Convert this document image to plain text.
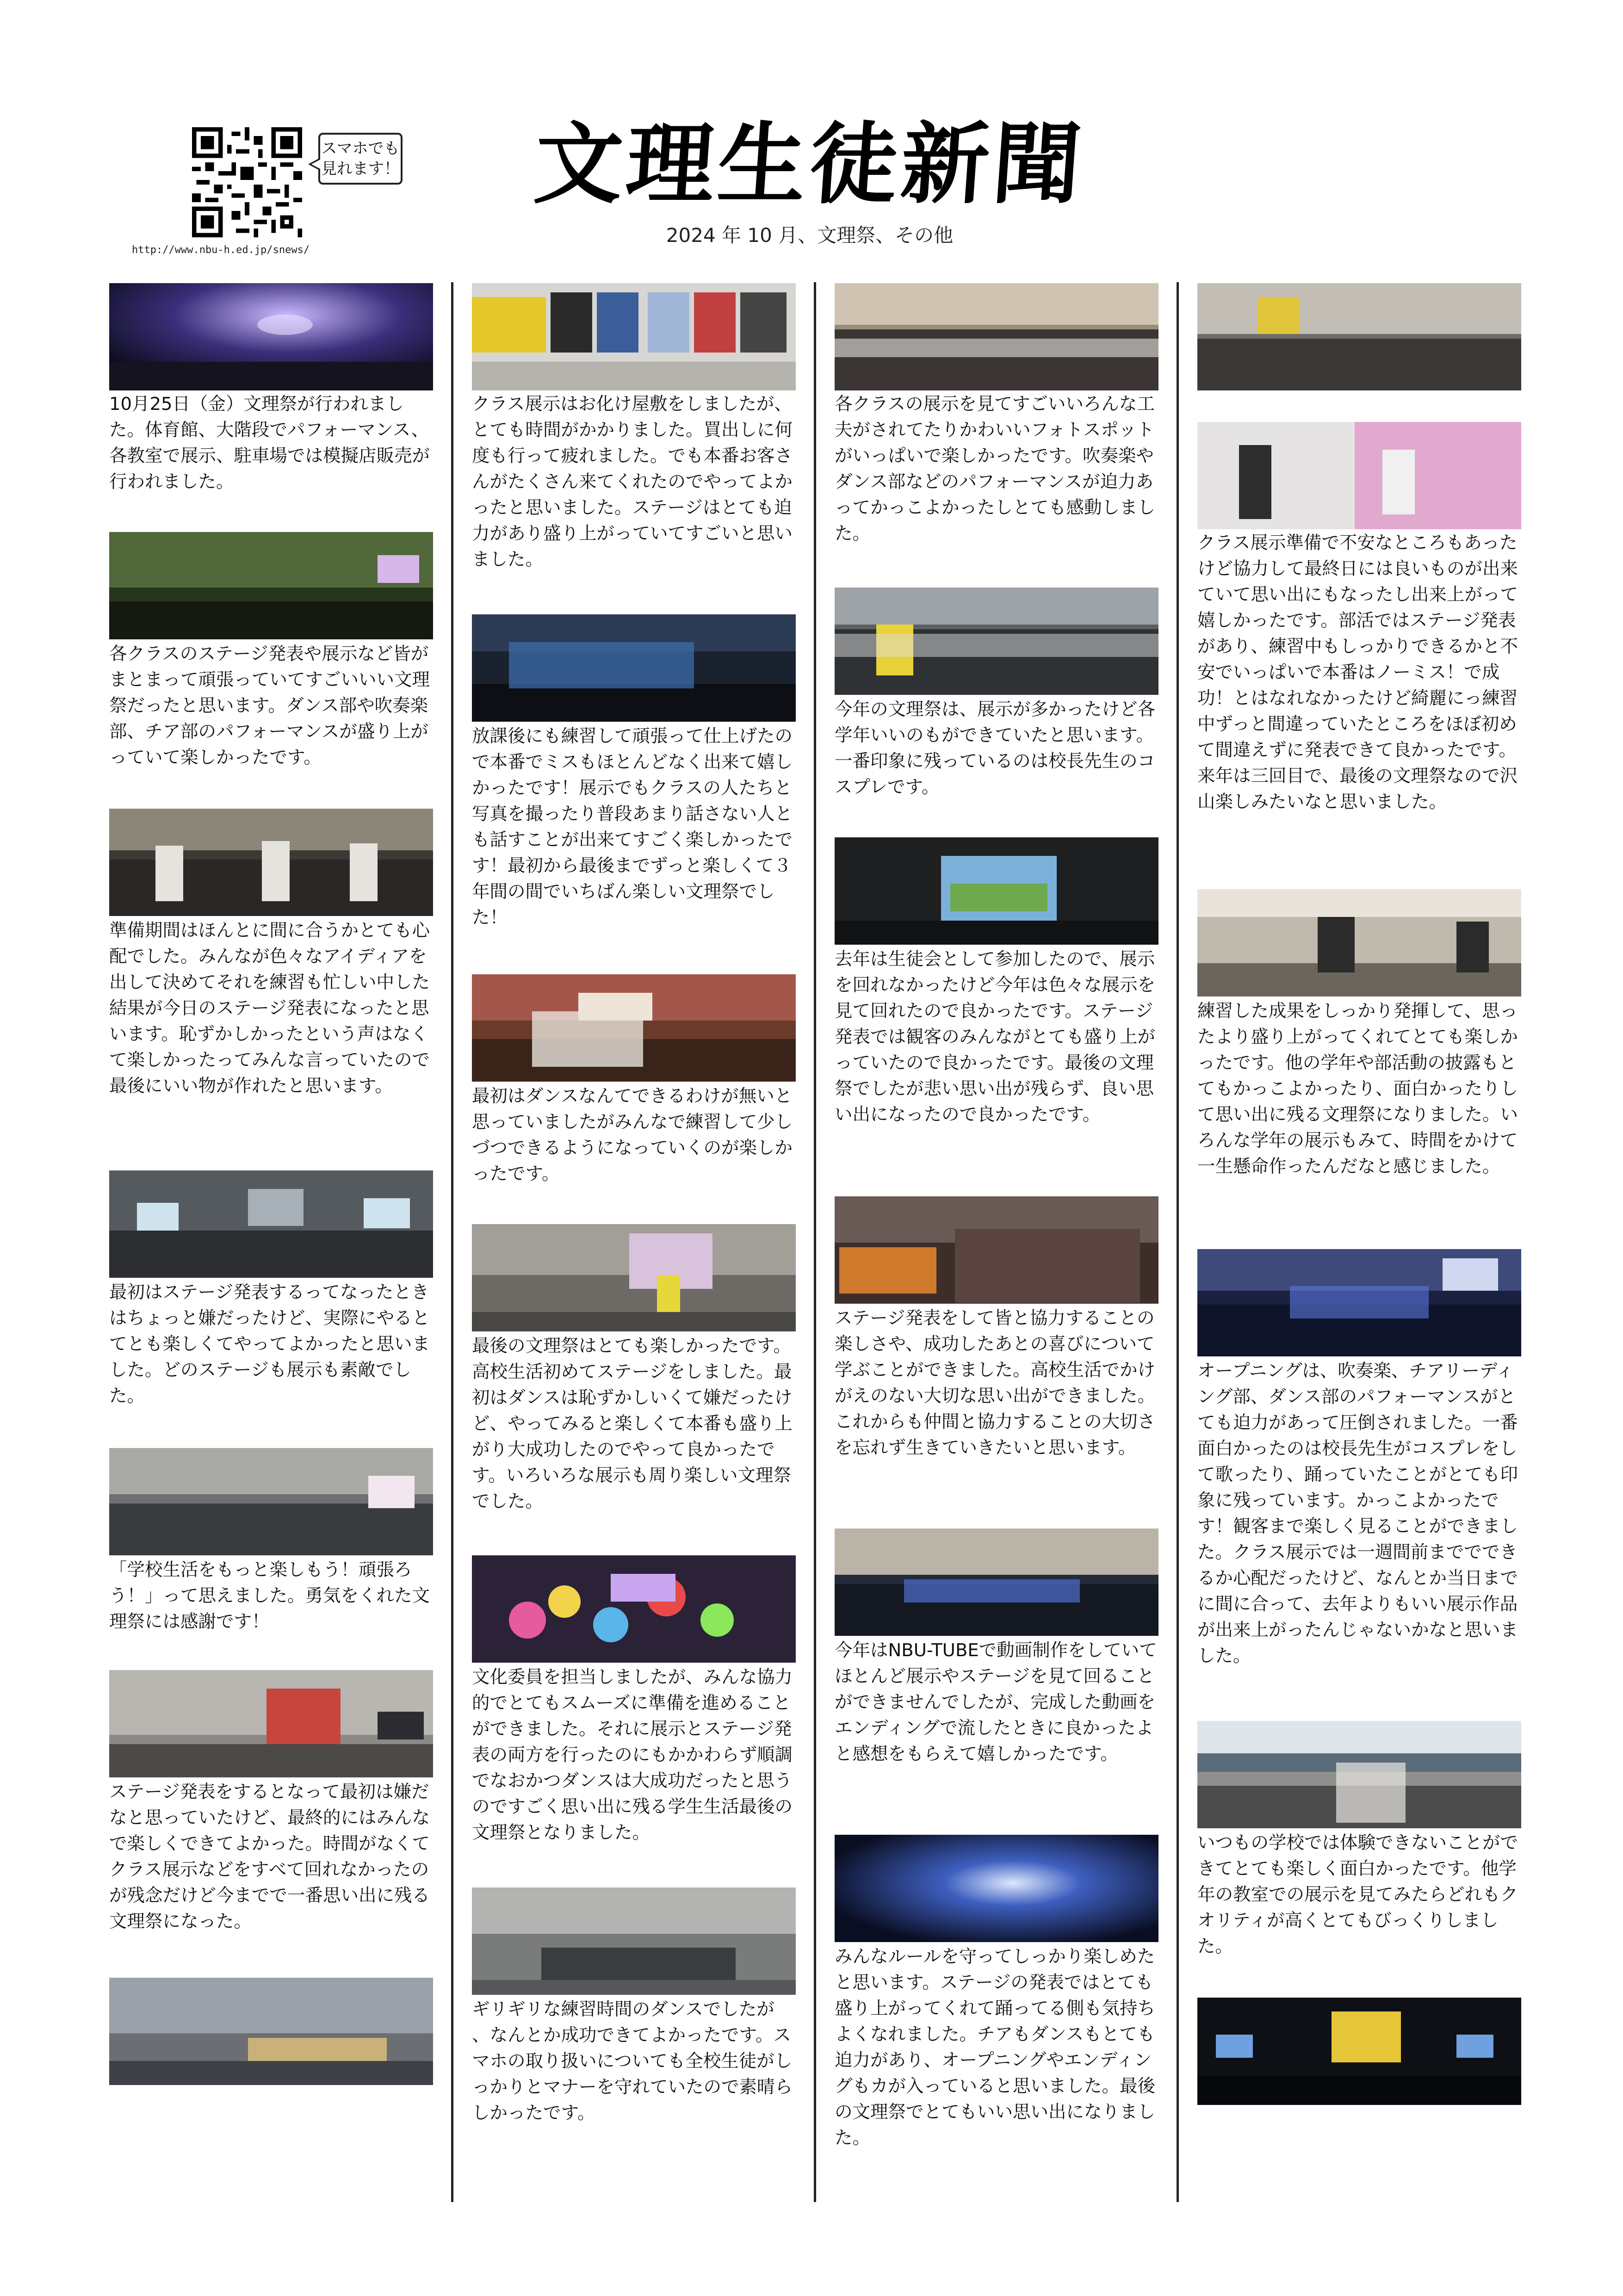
スマホでも
見れます！
http://www.nbu-h.ed.jp/snews/
文理生徒新聞
2024 年 10 月、文理祭、その他
10月25日（金）文理祭が行われました。体育館、大階段でパフォーマンス、各教室で展示、駐車場では模擬店販売が行われました。
各クラスのステージ発表や展示など皆がまとまって頑張っていてすごいいい文理祭だったと思います。ダンス部や吹奏楽部、チア部のパフォーマンスが盛り上がっていて楽しかったです。
準備期間はほんとに間に合うかとても心配でした。みんなが色々なアイディアを出して決めてそれを練習も忙しい中した結果が今日のステージ発表になったと思います。恥ずかしかったという声はなくて楽しかったってみんな言っていたので最後にいい物が作れたと思います。
最初はステージ発表するってなったときはちょっと嫌だったけど、実際にやるとてとも楽しくてやってよかったと思いました。どのステージも展示も素敵でした。
「学校生活をもっと楽しもう！頑張ろう！」って思えました。勇気をくれた文理祭には感謝です！
ステージ発表をするとなって最初は嫌だなと思っていたけど、最終的にはみんなで楽しくできてよかった。時間がなくてクラス展示などをすべて回れなかったのが残念だけど今までで一番思い出に残る文理祭になった。
クラス展示はお化け屋敷をしましたが、とても時間がかかりました。買出しに何度も行って疲れました。でも本番お客さんがたくさん来てくれたのでやってよかったと思いました。ステージはとても迫力があり盛り上がっていてすごいと思いました。
放課後にも練習して頑張って仕上げたので本番でミスもほとんどなく出来て嬉しかったです！展示でもクラスの人たちと写真を撮ったり普段あまり話さない人とも話すことが出来てすごく楽しかったです！最初から最後までずっと楽しくて３年間の間でいちばん楽しい文理祭でした！
最初はダンスなんてできるわけが無いと思っていましたがみんなで練習して少しづつできるようになっていくのが楽しかったです。
最後の文理祭はとても楽しかったです。高校生活初めてステージをしました。最初はダンスは恥ずかしいくて嫌だったけど、やってみると楽しくて本番も盛り上がり大成功したのでやって良かったです。いろいろな展示も周り楽しい文理祭でした。
文化委員を担当しましたが、みんな協力的でとてもスムーズに準備を進めることができました。それに展示とステージ発表の両方を行ったのにもかかわらず順調でなおかつダンスは大成功だったと思うのですごく思い出に残る学生生活最後の文理祭となりました。
ギリギリな練習時間のダンスでしたが 、なんとか成功できてよかったです。スマホの取り扱いについても全校生徒がしっかりとマナーを守れていたので素晴らしかったです。
各クラスの展示を見てすごいいろんな工夫がされてたりかわいいフォトスポットがいっぱいで楽しかったです。吹奏楽やダンス部などのパフォーマンスが迫力あってかっこよかったしとても感動しました。
今年の文理祭は、展示が多かったけど各学年いいのもができていたと思います。一番印象に残っているのは校長先生のコスプレです。
去年は生徒会として参加したので、展示を回れなかったけど今年は色々な展示を見て回れたので良かったです。ステージ発表では観客のみんながとても盛り上がっていたので良かったです。最後の文理祭でしたが悲い思い出が残らず、良い思い出になったので良かったです。
ステージ発表をして皆と協力することの楽しさや、成功したあとの喜びについて学ぶことができました。高校生活でかけがえのない大切な思い出ができました。これからも仲間と協力することの大切さを忘れず生きていきたいと思います。
今年はNBU-TUBEで動画制作をしていてほとんど展示やステージを見て回ることができませんでしたが、完成した動画をエンディングで流したときに良かったよと感想をもらえて嬉しかったです。
みんなルールを守ってしっかり楽しめたと思います。ステージの発表ではとても盛り上がってくれて踊ってる側も気持ちよくなれました。チアもダンスもとても迫力があり、オープニングやエンディングもカが入っていると思いました。最後の文理祭でとてもいい思い出になりました。
クラス展示準備で不安なところもあったけど協力して最終日には良いものが出来ていて思い出にもなったし出来上がって嬉しかったです。部活ではステージ発表があり、練習中もしっかりできるかと不安でいっぱいで本番はノーミス！で成功！とはなれなかったけど綺麗にっ練習中ずっと間違っていたところをほぼ初めて間違えずに発表できて良かったです。来年は三回目で、最後の文理祭なので沢山楽しみたいなと思いました。
練習した成果をしっかり発揮して、思ったより盛り上がってくれてとても楽しかったです。他の学年や部活動の披露もとてもかっこよかったり、面白かったりして思い出に残る文理祭になりました。いろんな学年の展示もみて、時間をかけて一生懸命作ったんだなと感じました。
オープニングは、吹奏楽、チアリーディング部、ダンス部のパフォーマンスがとても迫力があって圧倒されました。一番面白かったのは校長先生がコスプレをして歌ったり、踊っていたことがとても印象に残っています。かっこよかったです！観客まで楽しく見ることができました。クラス展示では一週間前まででできるか心配だったけど、なんとか当日までに間に合って、去年よりもいい展示作品が出来上がったんじゃないかなと思いました。
いつもの学校では体験できないことができてとても楽しく面白かったです。他学年の教室での展示を見てみたらどれもクオリティが高くとてもびっくりしました。
